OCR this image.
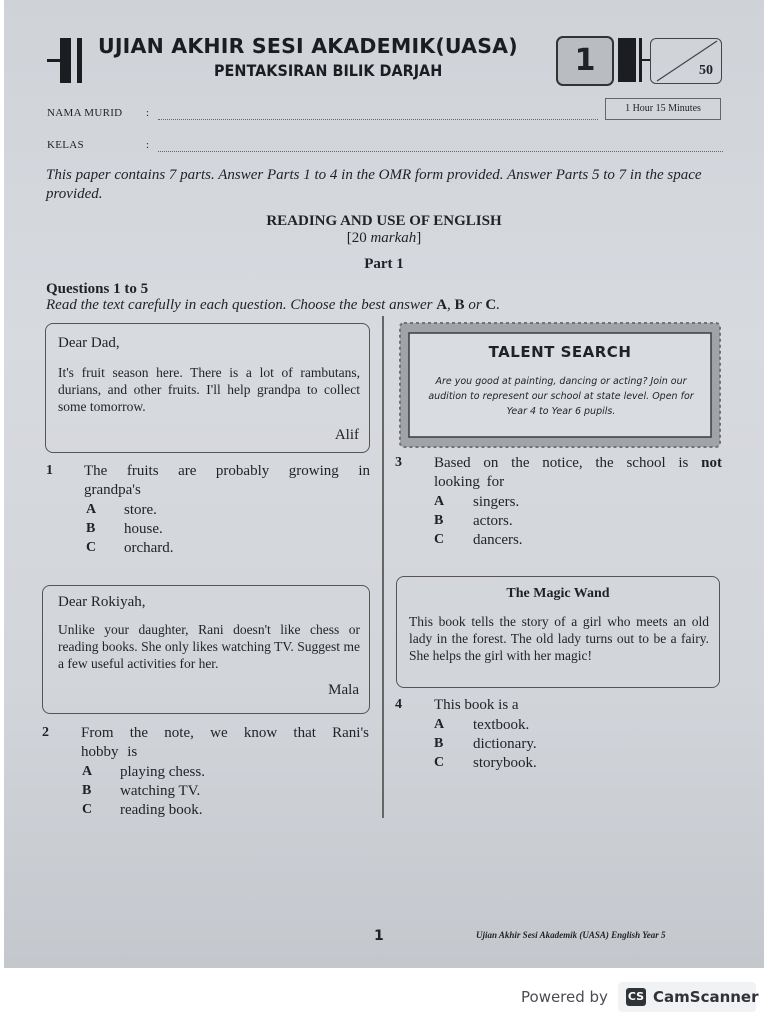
UJIAN AKHIR SESI AKADEMIK(UASA)
PENTAKSIRAN BILIK DARJAH	1	50
NAMA MURID :	1 Hour 15 Minutes
KELAS	:
This paper contains 7 parts. Answer Parts 1 to 4 in the OMR form provided. Answer Parts 5 to 7 in the space provided.
READING AND USE OF ENGLISH
[20 markah]
Part 1
Questions 1 to 5
Read the text carefully in each question. Choose the best answer A, B or C.
Dear Dad,
It's fruit season here. There is a lot of rambutans, durians, and other fruits. I'll help grandpa to collect some tomorrow.
Alif
1 The fruits are probably growing in grandpa's
A store.
B house.
C orchard.
TALENT SEARCH
Are you good at painting, dancing or acting? Join our audition to represent our school at state level. Open for Year 4 to Year 6 pupils.
3 Based on the notice, the school is not looking for
A singers.
B actors.
C dancers.
Dear Rokiyah,
Unlike your daughter, Rani doesn't like chess or reading books. She only likes watching TV. Suggest me a few useful activities for her.
Mala
2 From the note, we know that Rani's hobby is
A playing chess.
B watching TV.
C reading book.
The Magic Wand
This book tells the story of a girl who meets an old lady in the forest. The old lady turns out to be a fairy. She helps the girl with her magic!
4 This book is a
A textbook.
B dictionary.
C storybook.
1	Ujian Akhir Sesi Akademik (UASA) English Year 5
Powered by CS CamScanner
